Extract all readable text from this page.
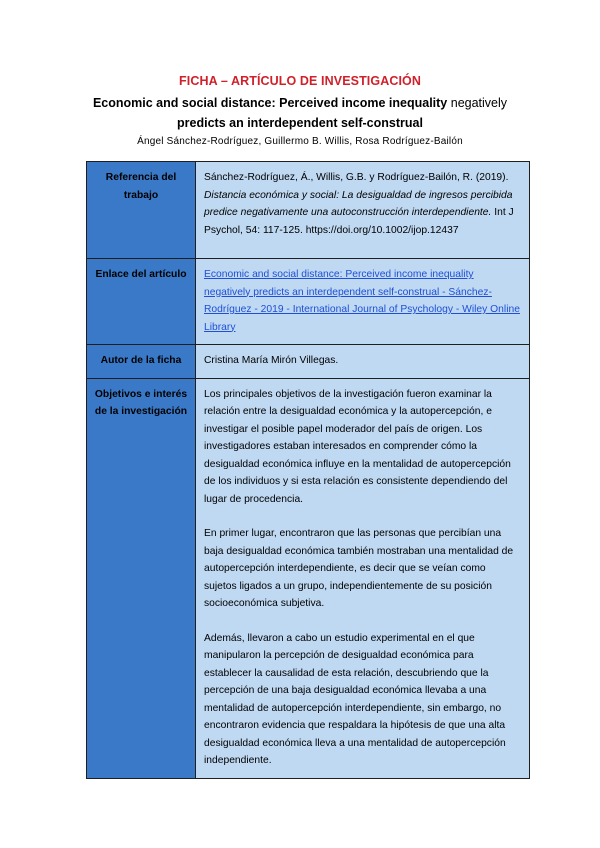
FICHA – ARTÍCULO DE INVESTIGACIÓN
Economic and social distance: Perceived income inequality negatively
predicts an interdependent self-construal
Ángel Sánchez-Rodríguez, Guillermo B. Willis, Rosa Rodríguez-Bailón
Referencia del trabajo	Sánchez-Rodríguez, Á., Willis, G.B. y Rodríguez-Bailón, R. (2019). Distancia económica y social: La desigualdad de ingresos percibida predice negativamente una autoconstrucción interdependiente. Int J Psychol, 54: 117-125. https://doi.org/10.1002/ijop.12437
Enlace del artículo	Economic and social distance: Perceived income inequality negatively predicts an interdependent self‐construal - Sánchez‐Rodríguez - 2019 - International Journal of Psychology - Wiley Online Library
Autor de la ficha	Cristina María Mirón Villegas.
Objetivos e interés de la investigación	Los principales objetivos de la investigación fueron examinar la relación entre la desigualdad económica y la autopercepción, e investigar el posible papel moderador del país de origen. Los investigadores estaban interesados en comprender cómo la desigualdad económica influye en la mentalidad de autopercepción de los individuos y si esta relación es consistente dependiendo del lugar de procedencia.

En primer lugar, encontraron que las personas que percibían una baja desigualdad económica también mostraban una mentalidad de autopercepción interdependiente, es decir que se veían como sujetos ligados a un grupo, independientemente de su posición socioeconómica subjetiva.

Además, llevaron a cabo un estudio experimental en el que manipularon la percepción de desigualdad económica para establecer la causalidad de esta relación, descubriendo que la percepción de una baja desigualdad económica llevaba a una mentalidad de autopercepción interdependiente, sin embargo, no encontraron evidencia que respaldara la hipótesis de que una alta desigualdad económica lleva a una mentalidad de autopercepción independiente.
